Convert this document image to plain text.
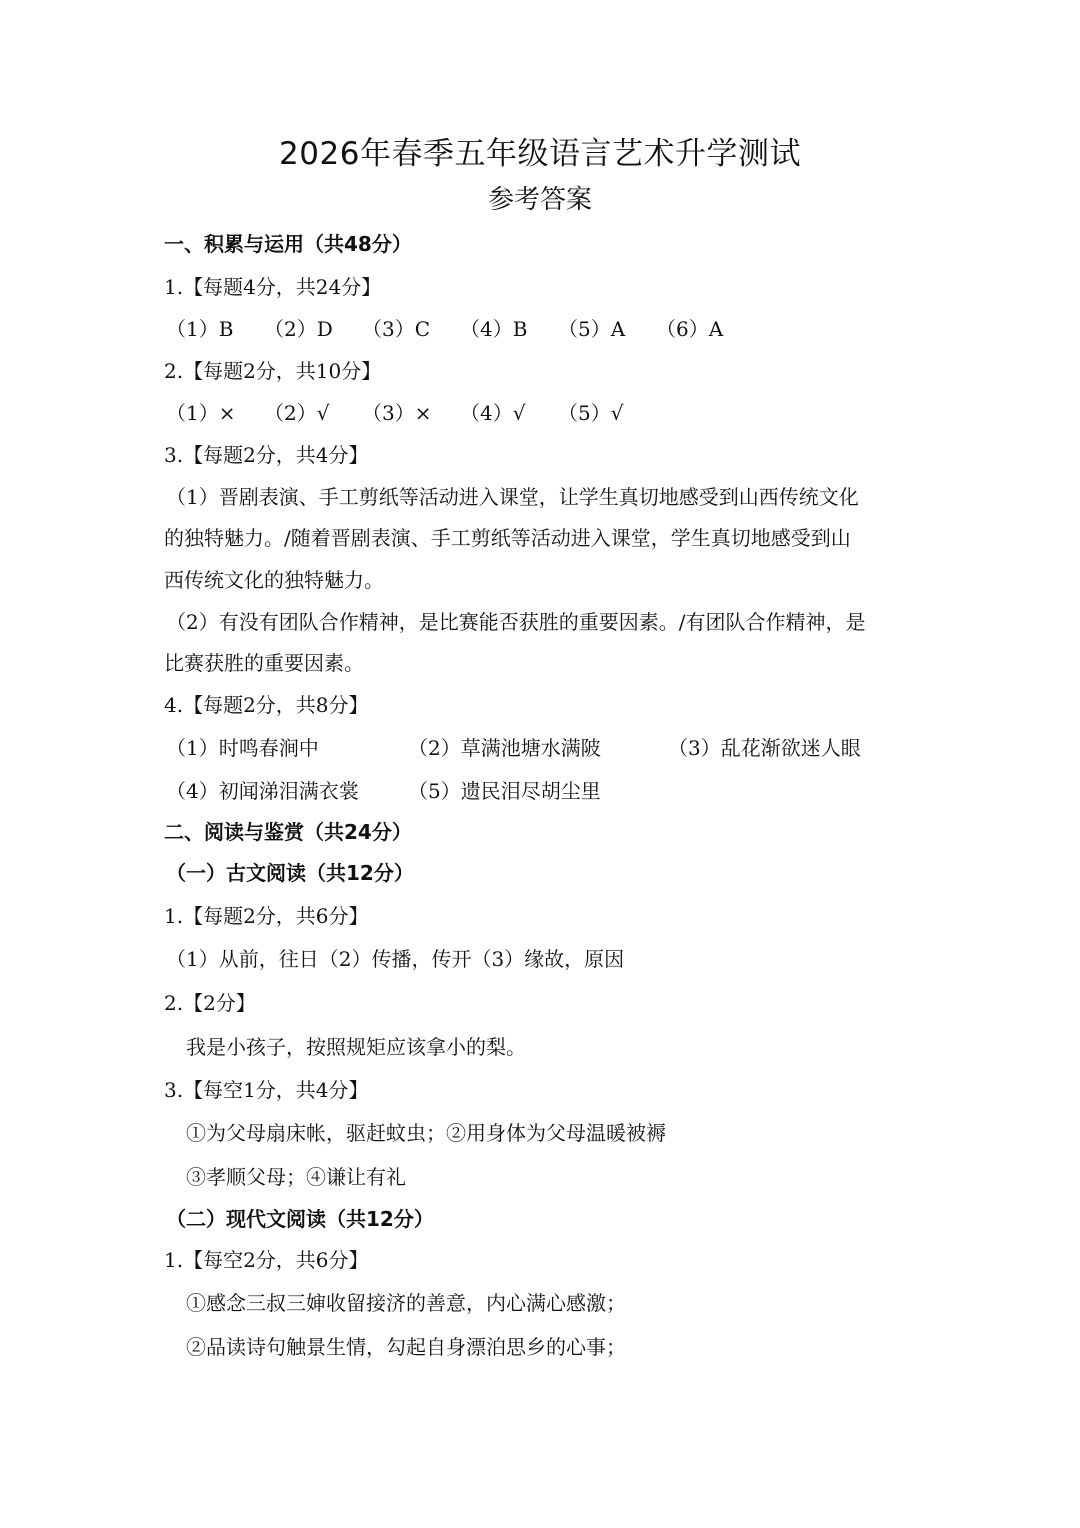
2026年春季五年级语言艺术升学测试
参考答案
一、积累与运用（共48分）
1.【每题4分，共24分】
（1）B （2）D （3）C （4）B （5）A （6）A
2.【每题2分，共10分】
（1）× （2）√ （3）× （4）√ （5）√
3.【每题2分，共4分】
（1）晋剧表演、手工剪纸等活动进入课堂，让学生真切地感受到山西传统文化
的独特魅力。/随着晋剧表演、手工剪纸等活动进入课堂，学生真切地感受到山
西传统文化的独特魅力。
（2）有没有团队合作精神，是比赛能否获胜的重要因素。/有团队合作精神，是
比赛获胜的重要因素。
4.【每题2分，共8分】
（1）时鸣春涧中	（2）草满池塘水满陂	（3）乱花渐欲迷人眼
（4）初闻涕泪满衣裳 （5）遗民泪尽胡尘里
二、阅读与鉴赏（共24分）
（一）古文阅读（共12分）
1.【每题2分，共6分】
（1）从前，往日（2）传播，传开（3）缘故，原因
2.【2分】
我是小孩子，按照规矩应该拿小的梨。
3.【每空1分，共4分】
①为父母扇床帐，驱赶蚊虫；②用身体为父母温暖被褥
③孝顺父母；④谦让有礼
（二）现代文阅读（共12分）
1.【每空2分，共6分】
①感念三叔三婶收留接济的善意，内心满心感激；
②品读诗句触景生情，勾起自身漂泊思乡的心事；
